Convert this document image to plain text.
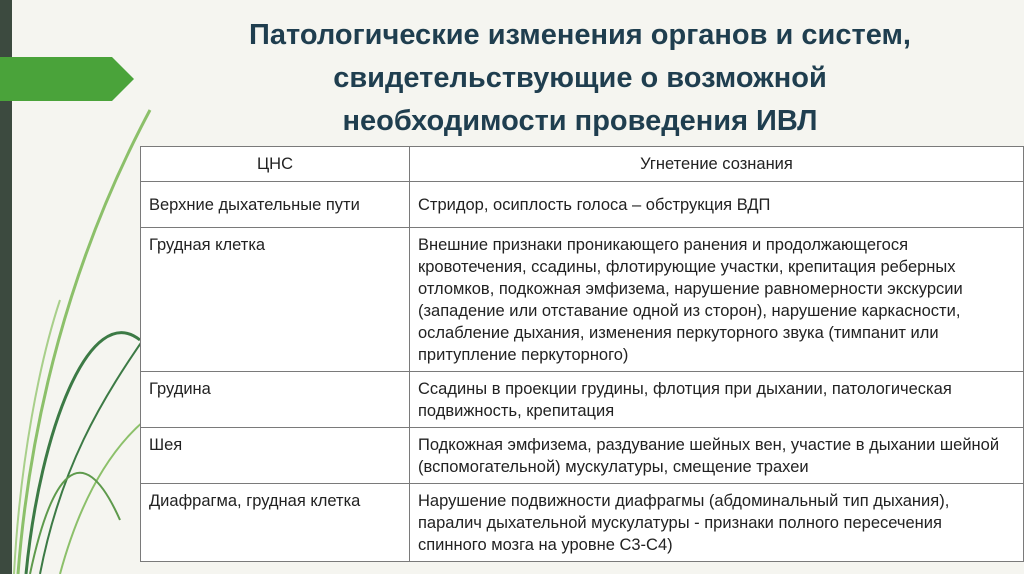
Патологические изменения органов и систем,
свидетельствующие о возможной
необходимости проведения ИВЛ
ЦНС	Угнетение сознания
Верхние дыхательные пути	Стридор, осиплость голоса – обструкция ВДП
Грудная клетка	Внешние признаки проникающего ранения и продолжающегося кровотечения, ссадины, флотирующие участки, крепитация реберных отломков, подкожная эмфизема, нарушение равномерности экскурсии (западение или отставание одной из сторон), нарушение каркасности, ослабление дыхания, изменения перкуторного звука (тимпанит или притупление перкуторного)
Грудина	Ссадины в проекции грудины, флотция при дыхании, патологическая подвижность, крепитация
Шея	Подкожная эмфизема, раздувание шейных вен, участие в дыхании шейной (вспомогательной) мускулатуры, смещение трахеи
Диафрагма, грудная клетка	Нарушение подвижности диафрагмы (абдоминальный тип дыхания), паралич дыхательной мускулатуры - признаки полного пересечения спинного мозга на уровне С3-С4)
